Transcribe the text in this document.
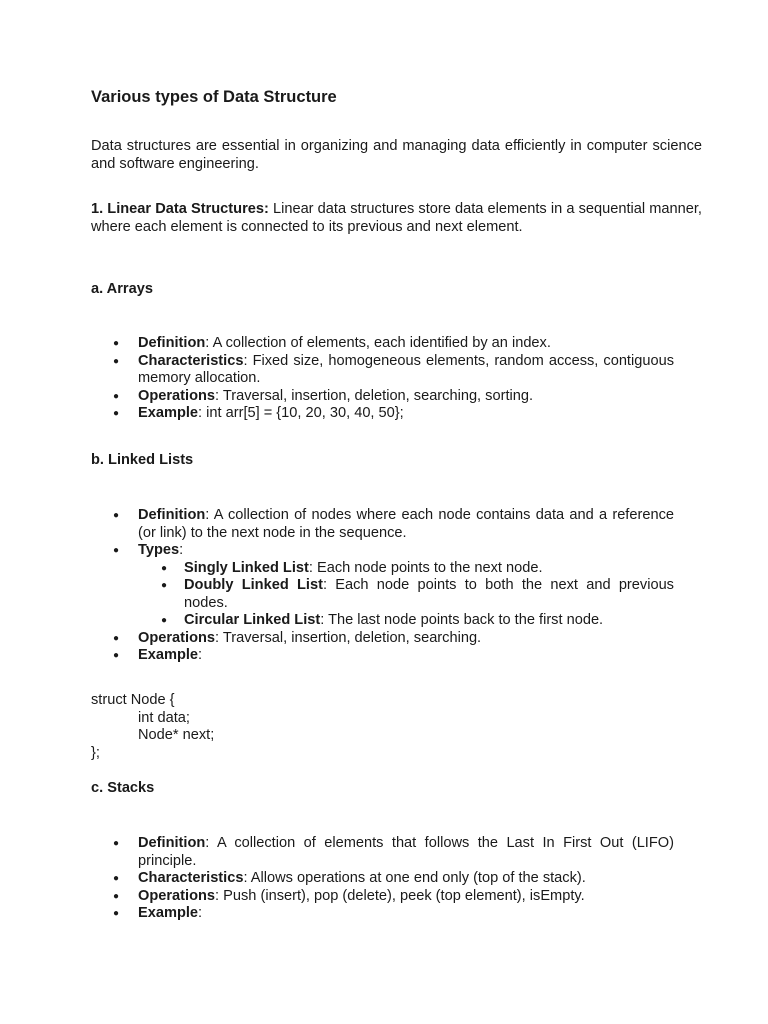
Various types of Data Structure

Data structures are essential in organizing and managing data efficiently in computer science and software engineering.

1. Linear Data Structures: Linear data structures store data elements in a sequential manner, where each element is connected to its previous and next element.

a. Arrays
● Definition: A collection of elements, each identified by an index.
● Characteristics: Fixed size, homogeneous elements, random access, contiguous memory allocation.
● Operations: Traversal, insertion, deletion, searching, sorting.
● Example: int arr[5] = {10, 20, 30, 40, 50};
b. Linked Lists
● Definition: A collection of nodes where each node contains data and a reference (or link) to the next node in the sequence.
● Types:
● Singly Linked List: Each node points to the next node.
● Doubly Linked List: Each node points to both the next and previous nodes.
● Circular Linked List: The last node points back to the first node.
● Operations: Traversal, insertion, deletion, searching.
● Example:
struct Node {
int data;
Node* next;
};
c. Stacks
● Definition: A collection of elements that follows the Last In First Out (LIFO) principle.
● Characteristics: Allows operations at one end only (top of the stack).
● Operations: Push (insert), pop (delete), peek (top element), isEmpty.
● Example:
